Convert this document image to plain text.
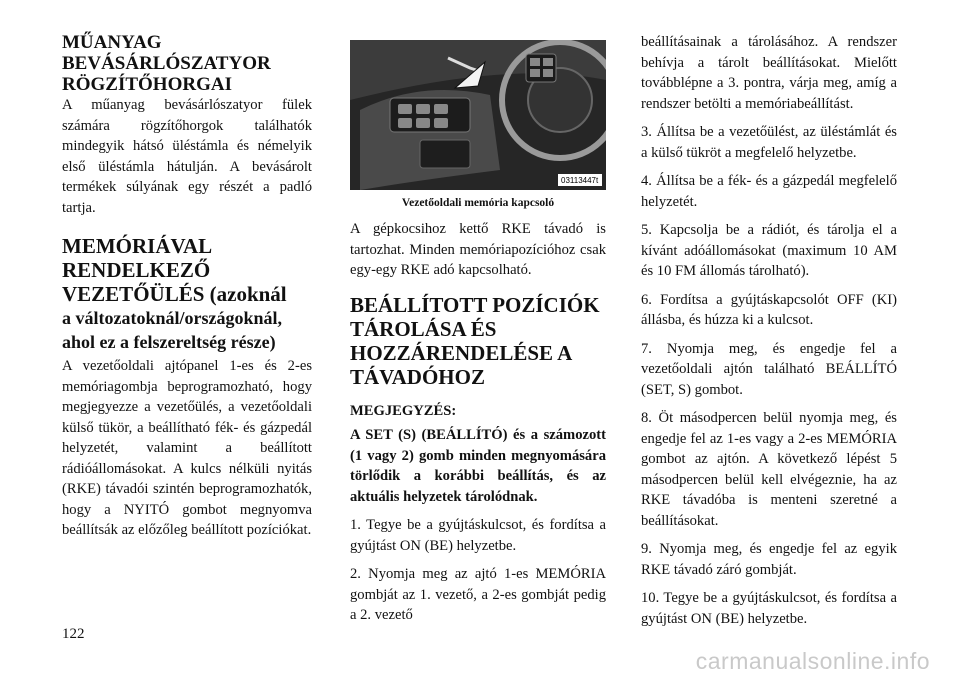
MŰANYAG BEVÁSÁRLÓSZATYOR RÖGZÍTŐHORGAI

A műanyag bevásárlószatyor fülek számára rögzítőhorgok találhatók mindegyik hátsó üléstámla és némelyik első üléstámla hátulján. A bevásárolt termékek súlyának egy részét a padló tartja.

MEMÓRIÁVAL RENDELKEZŐ VEZETŐÜLÉS (azoknál
a változatoknál/országoknál, ahol ez a felszereltség része)

A vezetőoldali ajtópanel 1-es és 2-es memóriagombja beprogramozható, hogy megjegyezze a vezetőülés, a vezetőoldali külső tükör, a beállítható fék- és gázpedál helyzetét, valamint a beállított rádióállomásokat. A kulcs nélküli nyitás (RKE) távadói szintén beprogramozhatók, hogy a NYITÓ gombot megnyomva beállítsák az előzőleg beállított pozíciókat.

03113447t
Vezetőoldali memória kapcsoló

A gépkocsihoz kettő RKE távadó is tartozhat. Minden memóriapozícióhoz csak egy-egy RKE adó kapcsolható.

BEÁLLÍTOTT POZÍCIÓK TÁROLÁSA ÉS HOZZÁRENDELÉSE A TÁVADÓHOZ
MEGJEGYZÉS:

A SET (S) (BEÁLLÍTÓ) és a számozott (1 vagy 2) gomb minden megnyomására törlődik a korábbi beállítás, és az aktuális helyzetek tárolódnak.

1. Tegye be a gyújtáskulcsot, és fordítsa a gyújtást ON (BE) helyzetbe.

2. Nyomja meg az ajtó 1-es MEMÓRIA gombját az 1. vezető, a 2-es gombját pedig a 2. vezető

beállításainak a tárolásához. A rendszer behívja a tárolt beállításokat. Mielőtt továbblépne a 3. pontra, várja meg, amíg a rendszer betölti a memóriabeállítást.

3. Állítsa be a vezetőülést, az üléstámlát és a külső tükröt a megfelelő helyzetbe.

4. Állítsa be a fék- és a gázpedál megfelelő helyzetét.

5. Kapcsolja be a rádiót, és tárolja el a kívánt adóállomásokat (maximum 10 AM és 10 FM állomás tárolható).

6. Fordítsa a gyújtáskapcsolót OFF (KI) állásba, és húzza ki a kulcsot.

7. Nyomja meg, és engedje fel a vezetőoldali ajtón található BEÁLLÍTÓ (SET, S) gombot.

8. Öt másodpercen belül nyomja meg, és engedje fel az 1-es vagy a 2-es MEMÓRIA gombot az ajtón. A következő lépést 5 másodpercen belül kell elvégeznie, ha az RKE távadóba is menteni szeretné a beállításokat.

9. Nyomja meg, és engedje fel az egyik RKE távadó záró gombját.

10. Tegye be a gyújtáskulcsot, és fordítsa a gyújtást ON (BE) helyzetbe.

122
carmanualsonline.info
